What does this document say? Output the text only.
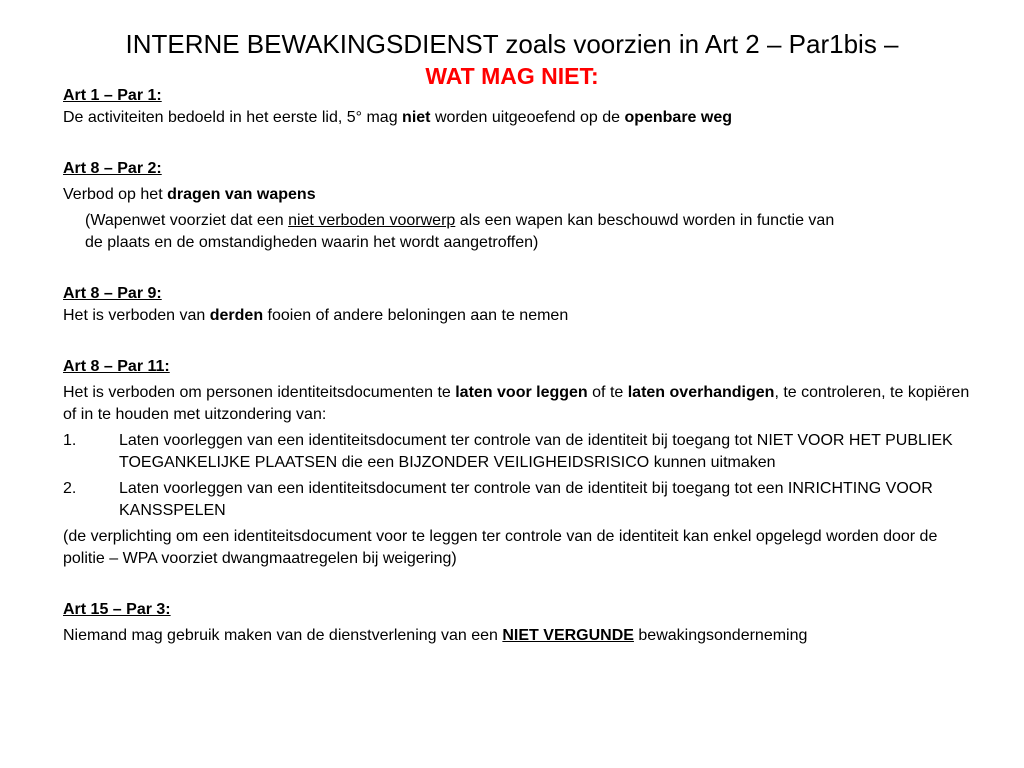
INTERNE BEWAKINGSDIENST zoals voorzien in Art 2 – Par1bis –
WAT MAG NIET:
Art 1 – Par 1:
De activiteiten bedoeld in het eerste lid, 5° mag niet worden uitgeoefend op de openbare weg
Art 8 – Par 2:
Verbod op het dragen van wapens
(Wapenwet voorziet dat een niet verboden voorwerp als een wapen kan beschouwd worden in functie van de plaats en de omstandigheden waarin het wordt aangetroffen)
Art 8 – Par 9:
Het is verboden van derden fooien of andere beloningen aan te nemen
Art 8 – Par 11:
Het is verboden om personen identiteitsdocumenten te laten voor leggen of te laten overhandigen, te controleren, te kopiëren of in te houden met uitzondering van:
1.	Laten voorleggen van een identiteitsdocument ter controle van de identiteit bij toegang tot NIET VOOR HET PUBLIEK TOEGANKELIJKE PLAATSEN die een BIJZONDER VEILIGHEIDSRISICO kunnen uitmaken
2.	Laten voorleggen van een identiteitsdocument ter controle van de identiteit bij toegang tot een INRICHTING VOOR KANSSPELEN
(de verplichting om een identiteitsdocument voor te leggen ter controle van de identiteit kan enkel opgelegd worden door de politie – WPA voorziet dwangmaatregelen bij weigering)
Art 15 – Par 3:
Niemand mag gebruik maken van de dienstverlening van een NIET VERGUNDE bewakingsonderneming
